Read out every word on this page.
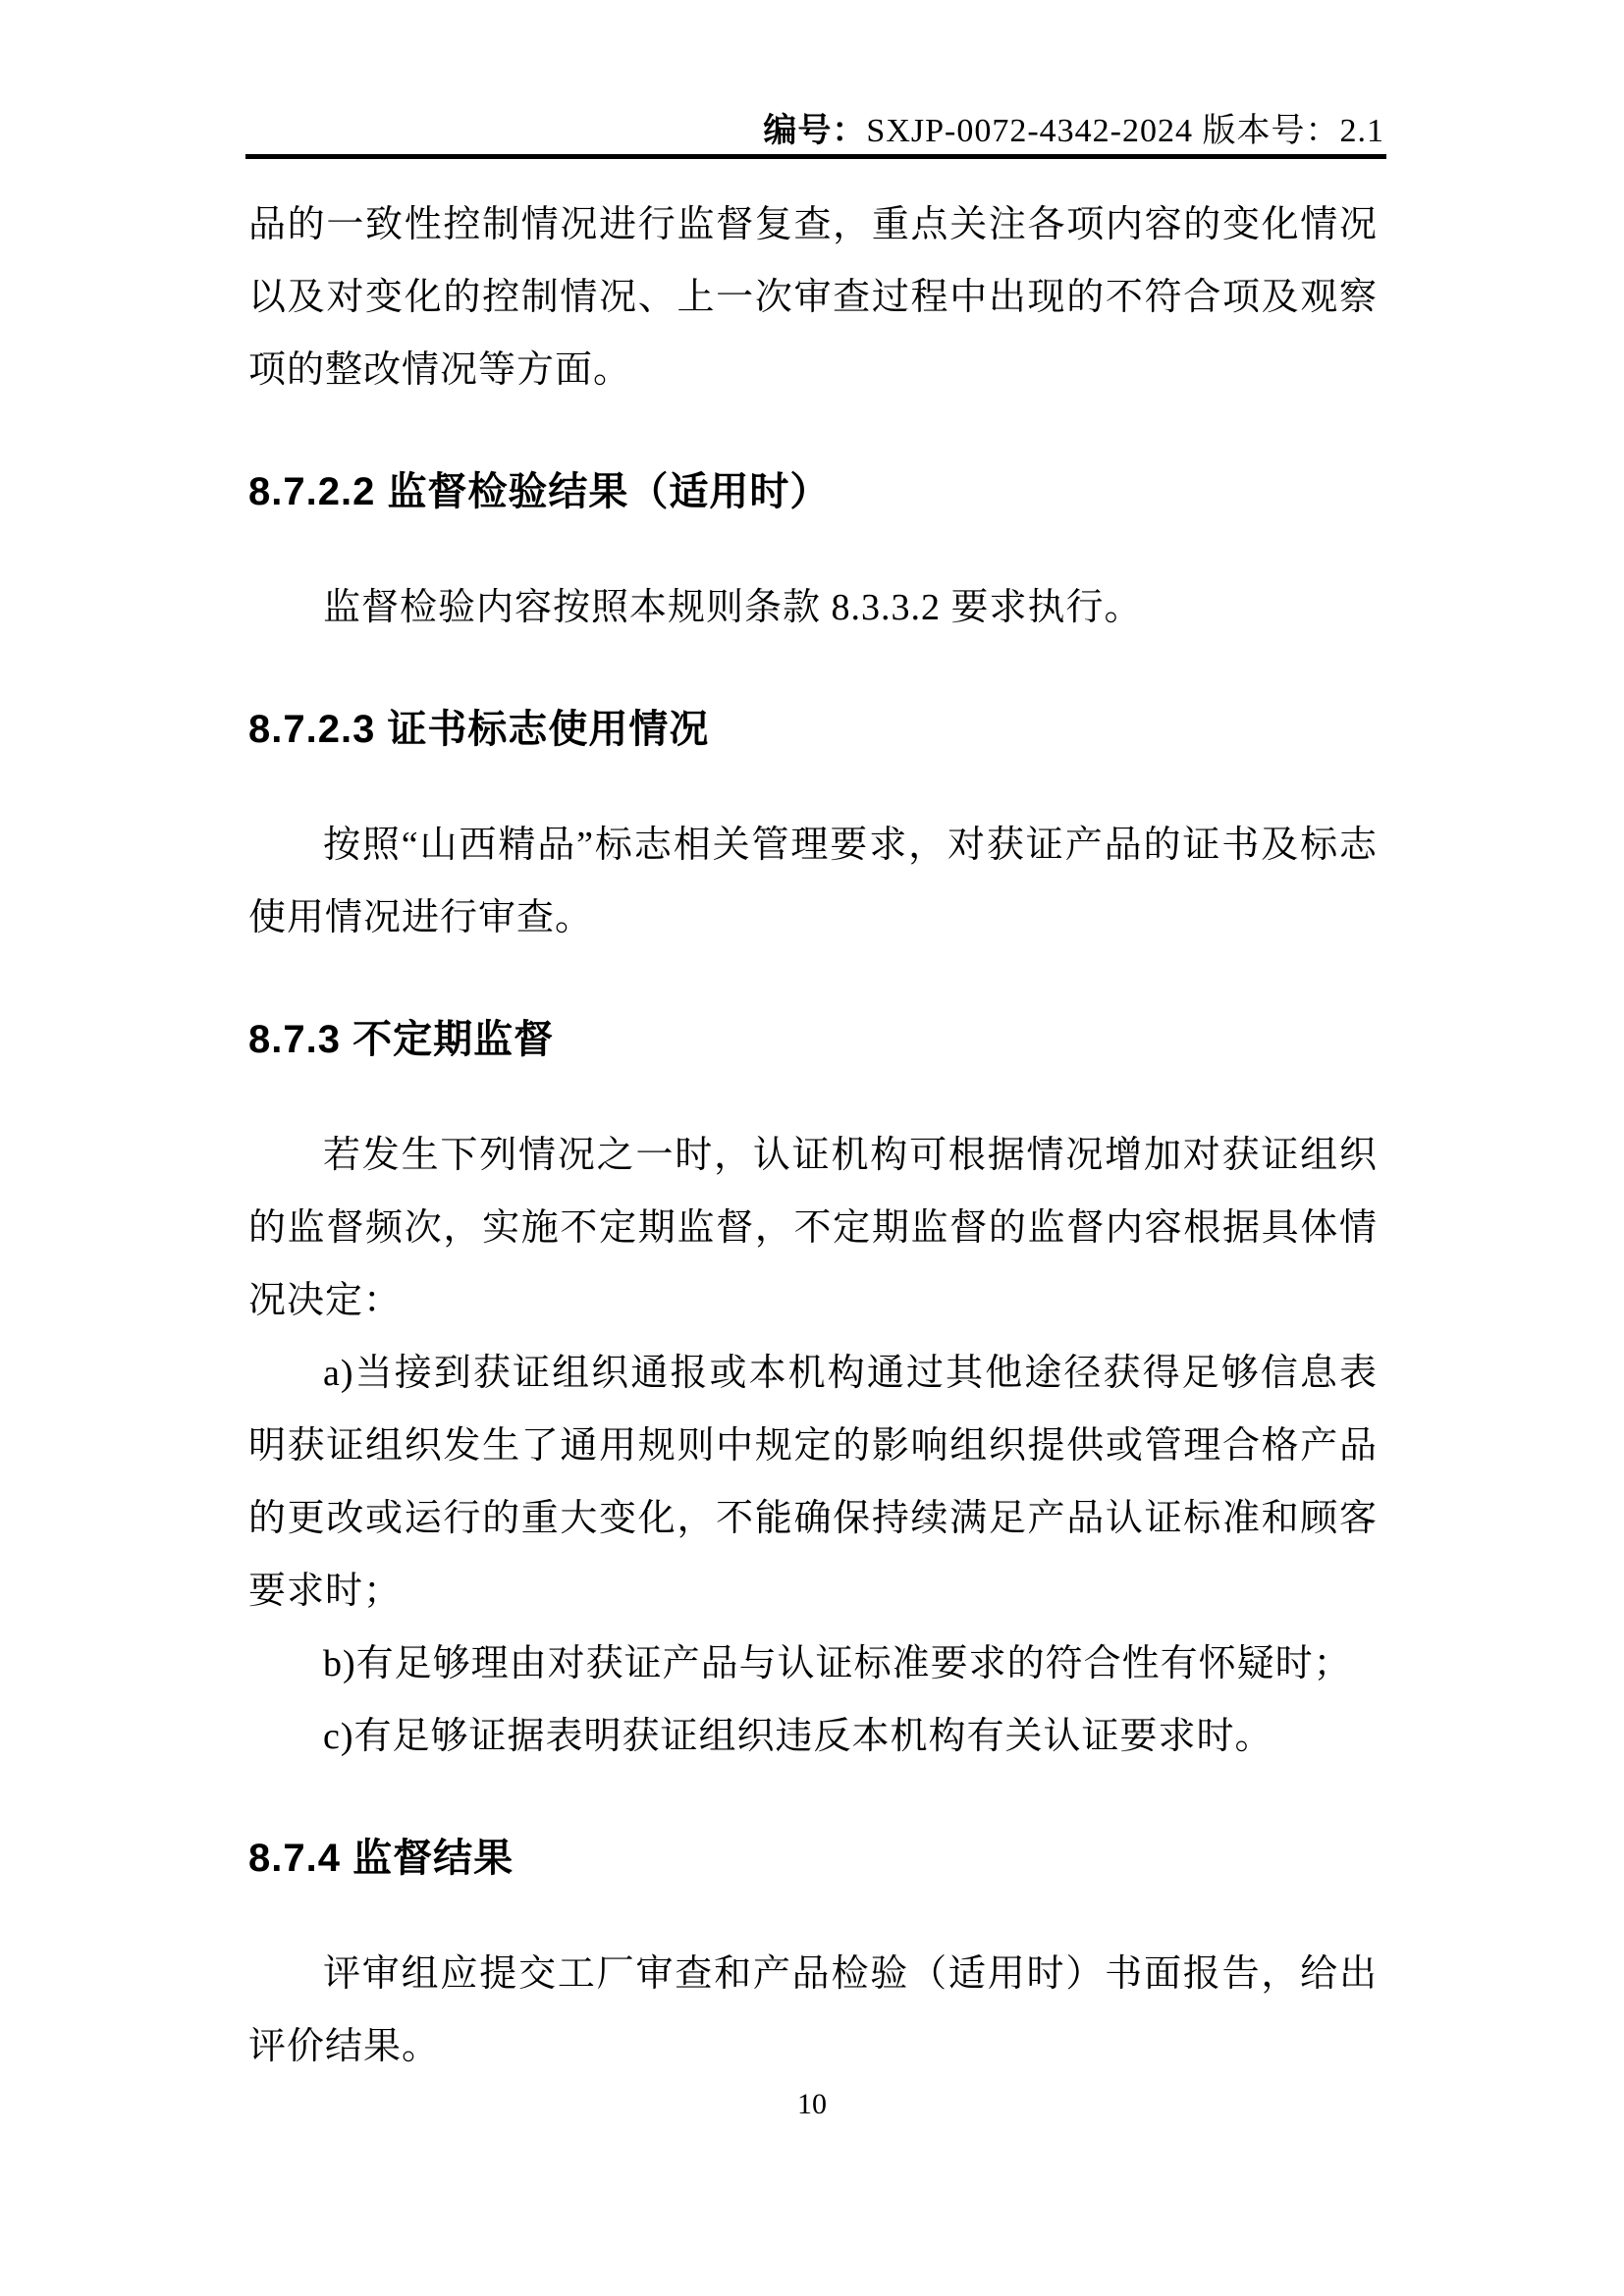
编号：SXJP-0072-4342-2024 版本号：2.1

品的一致性控制情况进行监督复查，重点关注各项内容的变化情况以及对变化的控制情况、上一次审查过程中出现的不符合项及观察项的整改情况等方面。

8.7.2.2 监督检验结果（适用时）

监督检验内容按照本规则条款 8.3.3.2 要求执行。

8.7.2.3 证书标志使用情况

按照“山西精品”标志相关管理要求，对获证产品的证书及标志使用情况进行审查。

8.7.3 不定期监督

若发生下列情况之一时，认证机构可根据情况增加对获证组织的监督频次，实施不定期监督，不定期监督的监督内容根据具体情况决定：

a)当接到获证组织通报或本机构通过其他途径获得足够信息表明获证组织发生了通用规则中规定的影响组织提供或管理合格产品的更改或运行的重大变化，不能确保持续满足产品认证标准和顾客要求时；

b)有足够理由对获证产品与认证标准要求的符合性有怀疑时；

c)有足够证据表明获证组织违反本机构有关认证要求时。

8.7.4 监督结果

评审组应提交工厂审查和产品检验（适用时）书面报告，给出评价结果。

10
